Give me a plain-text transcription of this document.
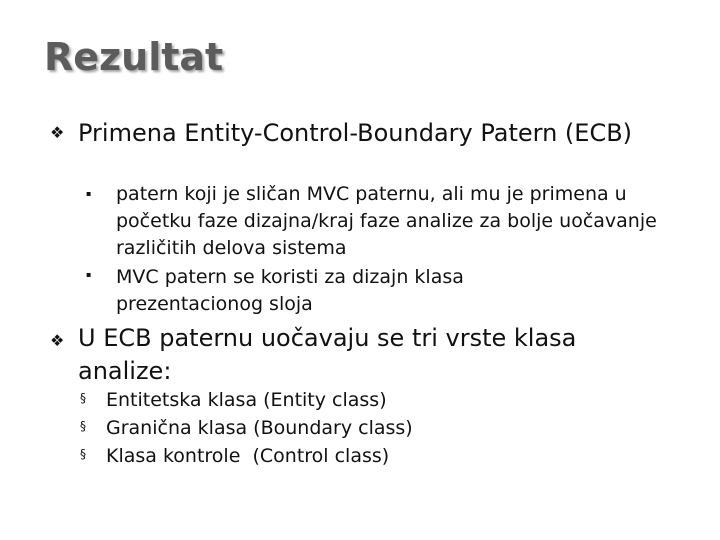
Rezultat
❖ Primena Entity-Control-Boundary Patern (ECB)
▪ patern koji je sličan MVC paternu, ali mu je primena u početku faze dizajna/kraj faze analize za bolje uočavanje različitih delova sistema
▪ MVC patern se koristi za dizajn klasa prezentacionog sloja
❖ U ECB paternu uočavaju se tri vrste klasa analize:
§ Entitetska klasa (Entity class)
§ Granična klasa (Boundary class)
§ Klasa kontrole  (Control class)
